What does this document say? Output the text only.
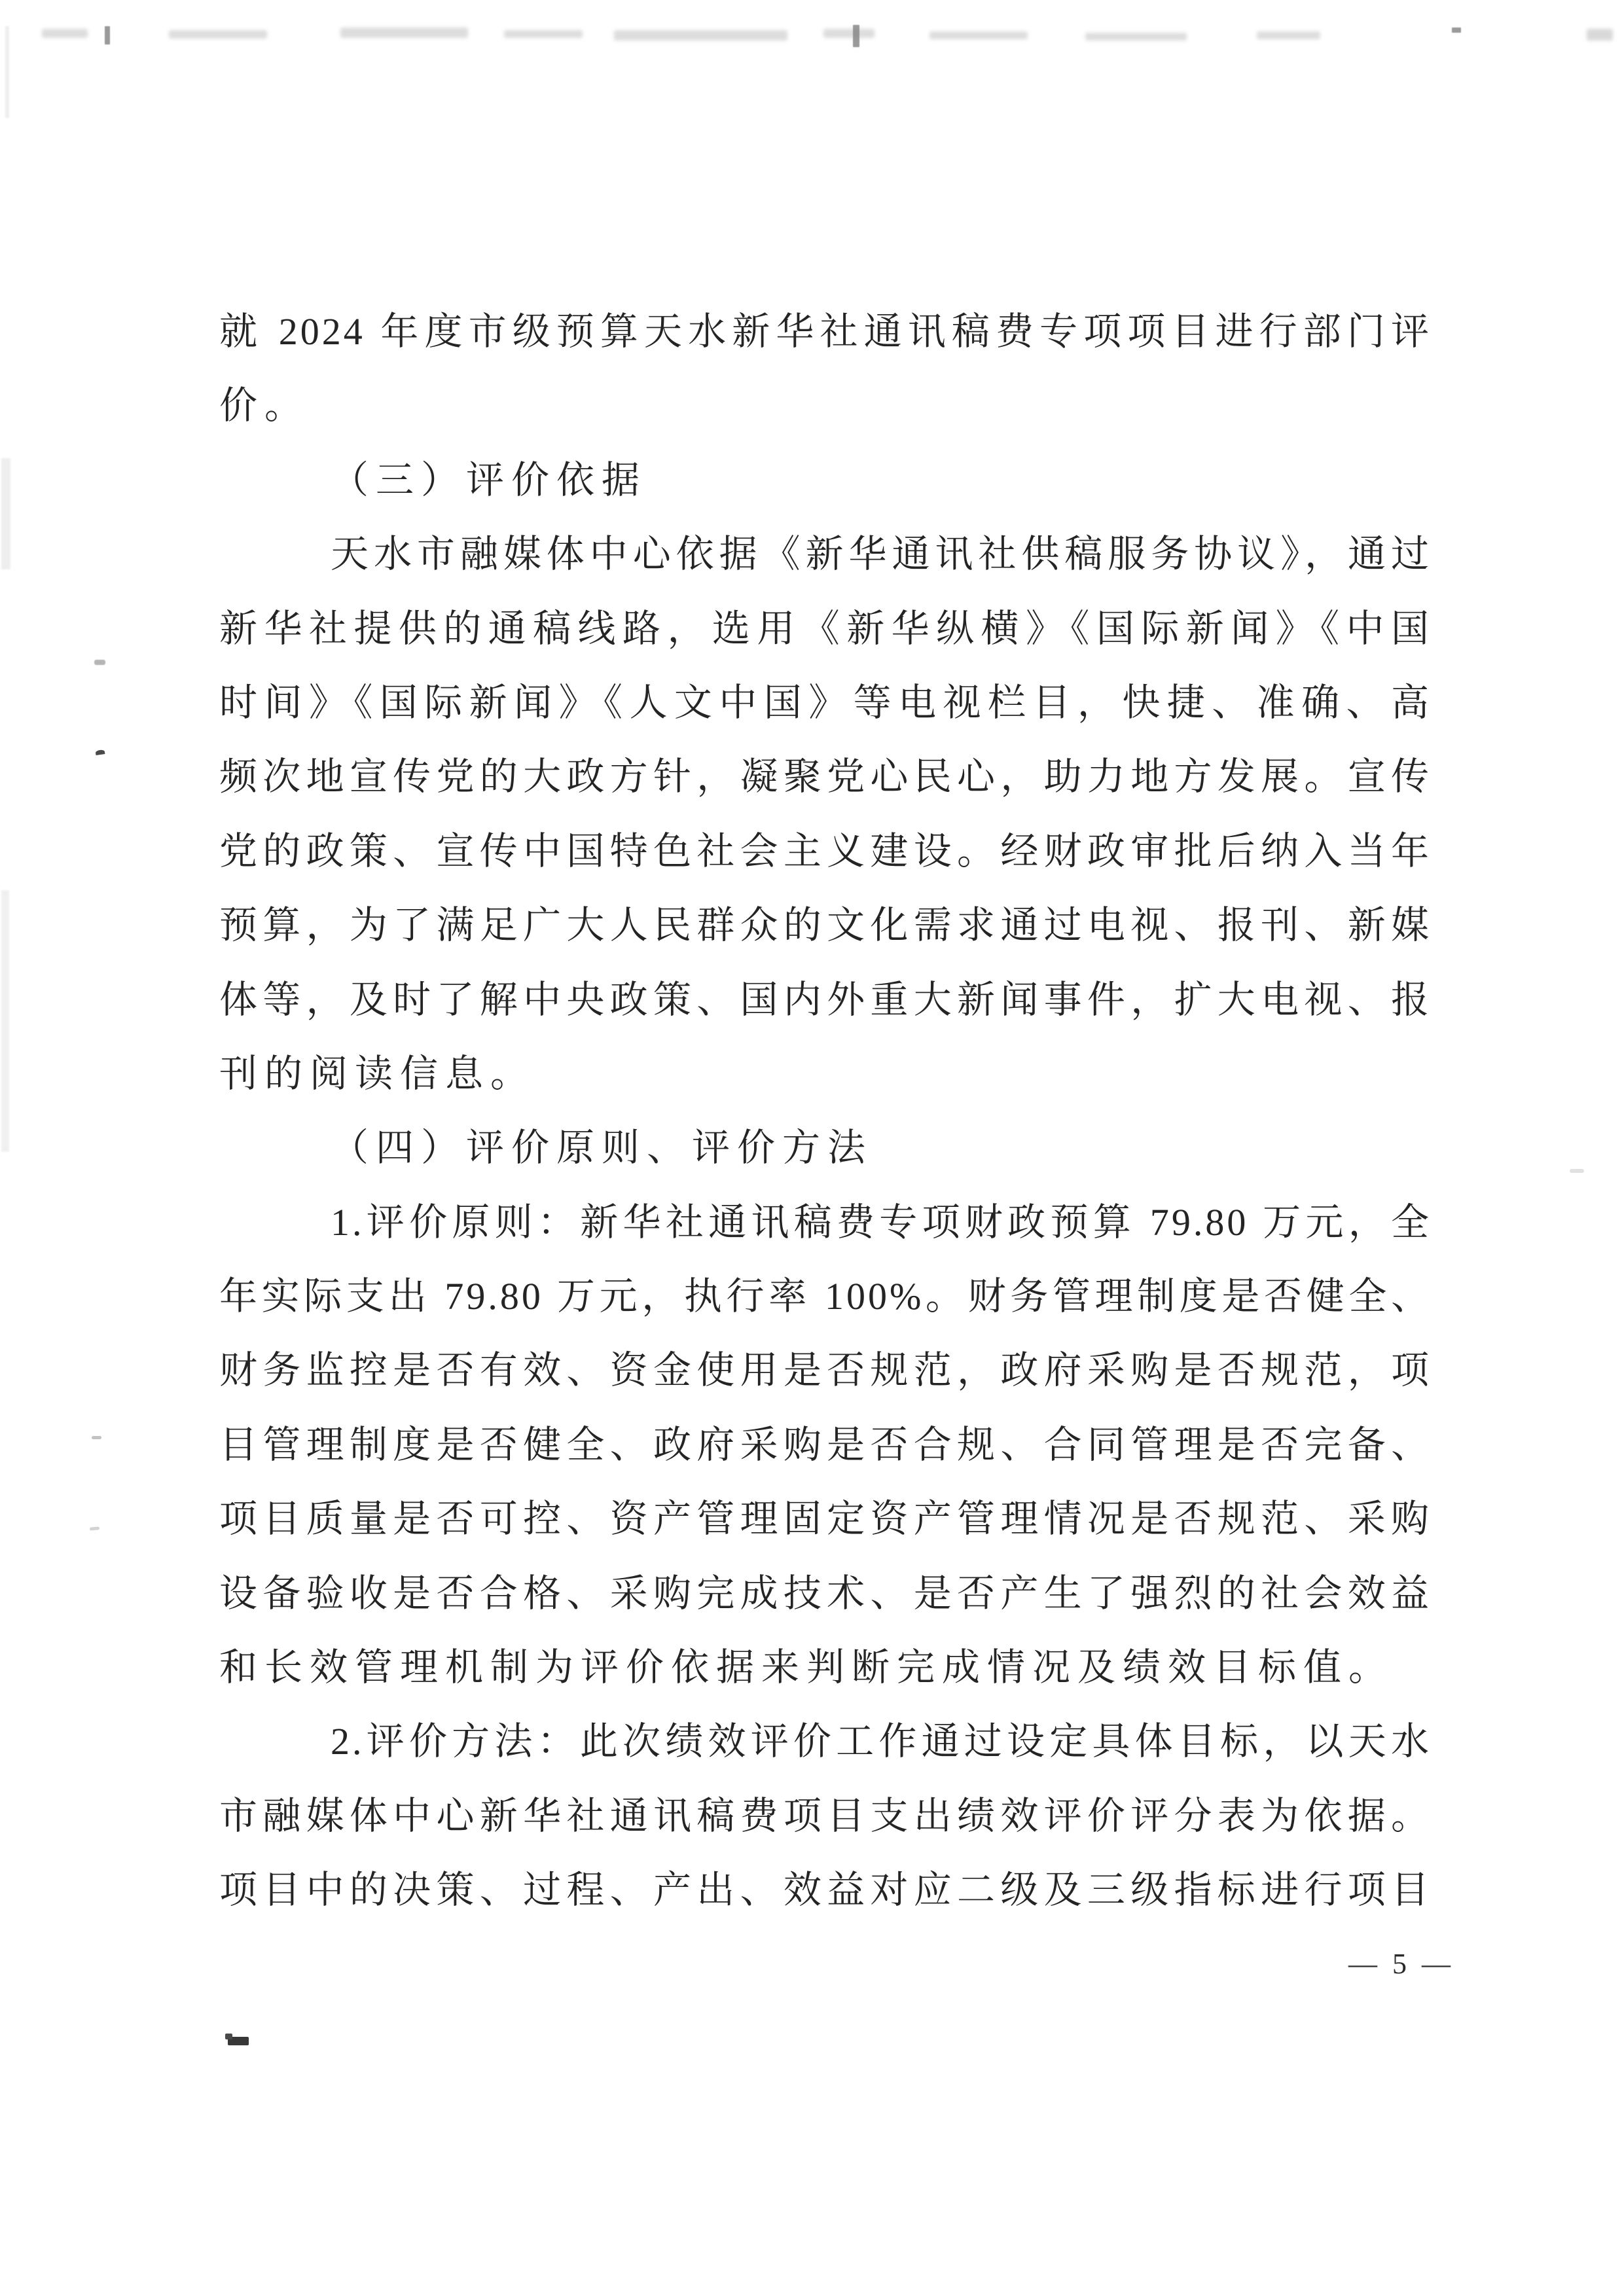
就 2024 年度市级预算天水新华社通讯稿费专项项目进行部门评
价。
（三）评价依据
天水市融媒体中心依据《新华通讯社供稿服务协议》，通过
新华社提供的通稿线路，选用《新华纵横》《国际新闻》《中国
时间》《国际新闻》《人文中国》等电视栏目，快捷、准确、高
频次地宣传党的大政方针，凝聚党心民心，助力地方发展。宣传
党的政策、宣传中国特色社会主义建设。经财政审批后纳入当年
预算，为了满足广大人民群众的文化需求通过电视、报刊、新媒
体等，及时了解中央政策、国内外重大新闻事件，扩大电视、报
刊的阅读信息。
（四）评价原则、评价方法
1.评价原则：新华社通讯稿费专项财政预算 79.80 万元，全
年实际支出 79.80 万元，执行率 100%。财务管理制度是否健全、
财务监控是否有效、资金使用是否规范，政府采购是否规范，项
目管理制度是否健全、政府采购是否合规、合同管理是否完备、
项目质量是否可控、资产管理固定资产管理情况是否规范、采购
设备验收是否合格、采购完成技术、是否产生了强烈的社会效益
和长效管理机制为评价依据来判断完成情况及绩效目标值。
2.评价方法：此次绩效评价工作通过设定具体目标，以天水
市融媒体中心新华社通讯稿费项目支出绩效评价评分表为依据。
项目中的决策、过程、产出、效益对应二级及三级指标进行项目
— 5 —
